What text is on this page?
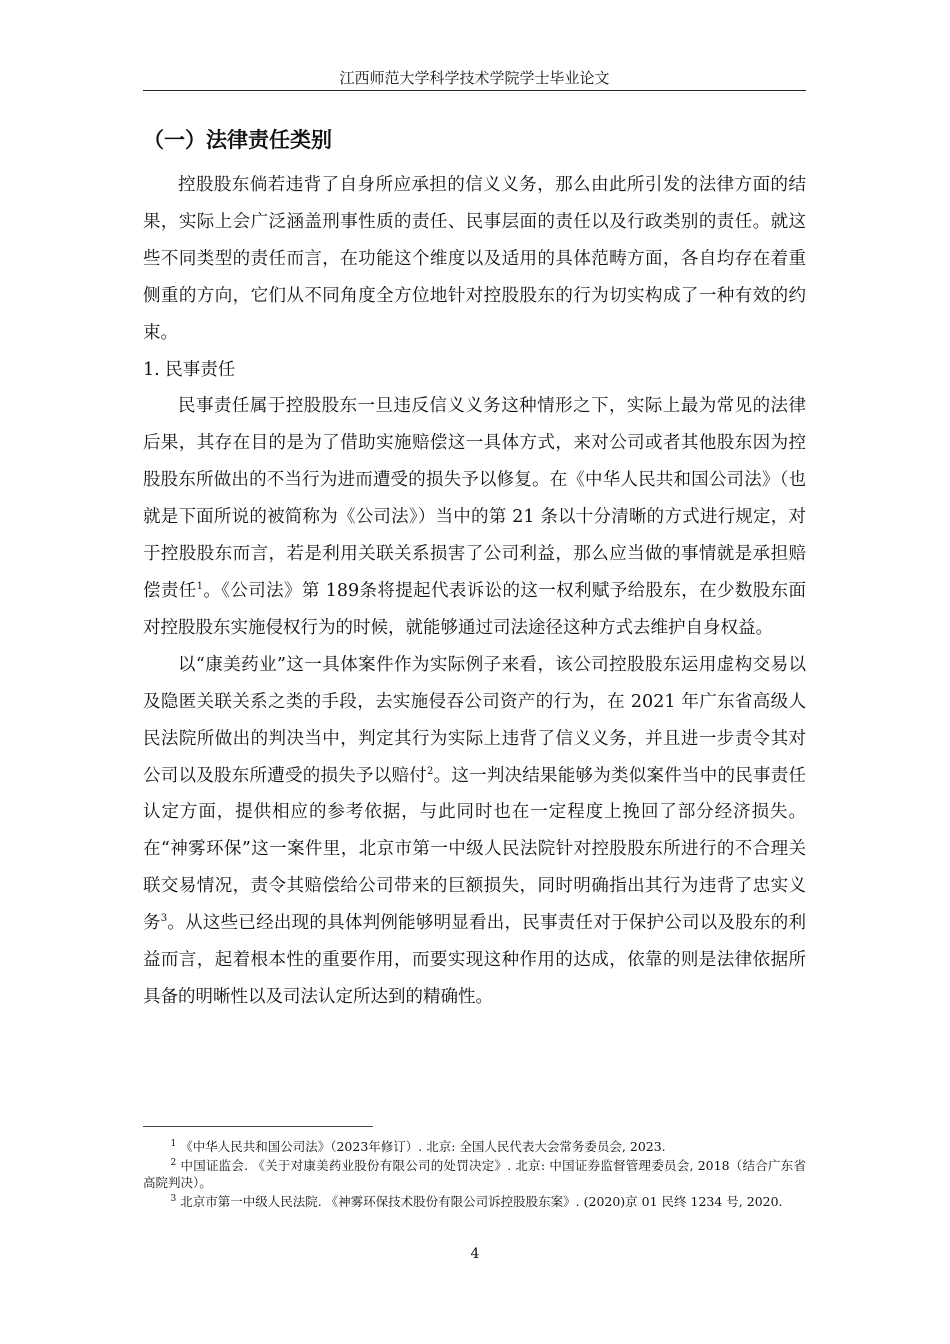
江西师范大学科学技术学院学士毕业论文
（一）法律责任类别

控股股东倘若违背了自身所应承担的信义义务，那么由此所引发的法律方面的结果，实际上会广泛涵盖刑事性质的责任、民事层面的责任以及行政类别的责任。就这些不同类型的责任而言，在功能这个维度以及适用的具体范畴方面，各自均存在着重侧重的方向，它们从不同角度全方位地针对控股股东的行为切实构成了一种有效的约束。

1. 民事责任

民事责任属于控股股东一旦违反信义义务这种情形之下，实际上最为常见的法律后果，其存在目的是为了借助实施赔偿这一具体方式，来对公司或者其他股东因为控股股东所做出的不当行为进而遭受的损失予以修复。在《中华人民共和国公司法》（也就是下面所说的被简称为《公司法》）当中的第 21 条以十分清晰的方式进行规定，对于控股股东而言，若是利用关联关系损害了公司利益，那么应当做的事情就是承担赔偿责任$^1$。《公司法》第 189条将提起代表诉讼的这一权利赋予给股东，在少数股东面对控股股东实施侵权行为的时候，就能够通过司法途径这种方式去维护自身权益。

以“康美药业”这一具体案件作为实际例子来看，该公司控股股东运用虚构交易以及隐匿关联关系之类的手段，去实施侵吞公司资产的行为，在 2021 年广东省高级人民法院所做出的判决当中，判定其行为实际上违背了信义义务，并且进一步责令其对公司以及股东所遭受的损失予以赔付$^2$。这一判决结果能够为类似案件当中的民事责任认定方面，提供相应的参考依据，与此同时也在一定程度上挽回了部分经济损失。在“神雾环保”这一案件里，北京市第一中级人民法院针对控股股东所进行的不合理关联交易情况，责令其赔偿给公司带来的巨额损失，同时明确指出其行为违背了忠实义务$^3$。从这些已经出现的具体判例能够明显看出，民事责任对于保护公司以及股东的利益而言，起着根本性的重要作用，而要实现这种作用的达成，依靠的则是法律依据所具备的明晰性以及司法认定所达到的精确性。

$^1$ 《中华人民共和国公司法》（2023年修订）. 北京: 全国人民代表大会常务委员会, 2023.

$^2$ 中国证监会. 《关于对康美药业股份有限公司的处罚决定》. 北京: 中国证券监督管理委员会, 2018（结合广东省高院判决）。

$^3$ 北京市第一中级人民法院. 《神雾环保技术股份有限公司诉控股股东案》. (2020)京 01 民终 1234 号, 2020.

4
